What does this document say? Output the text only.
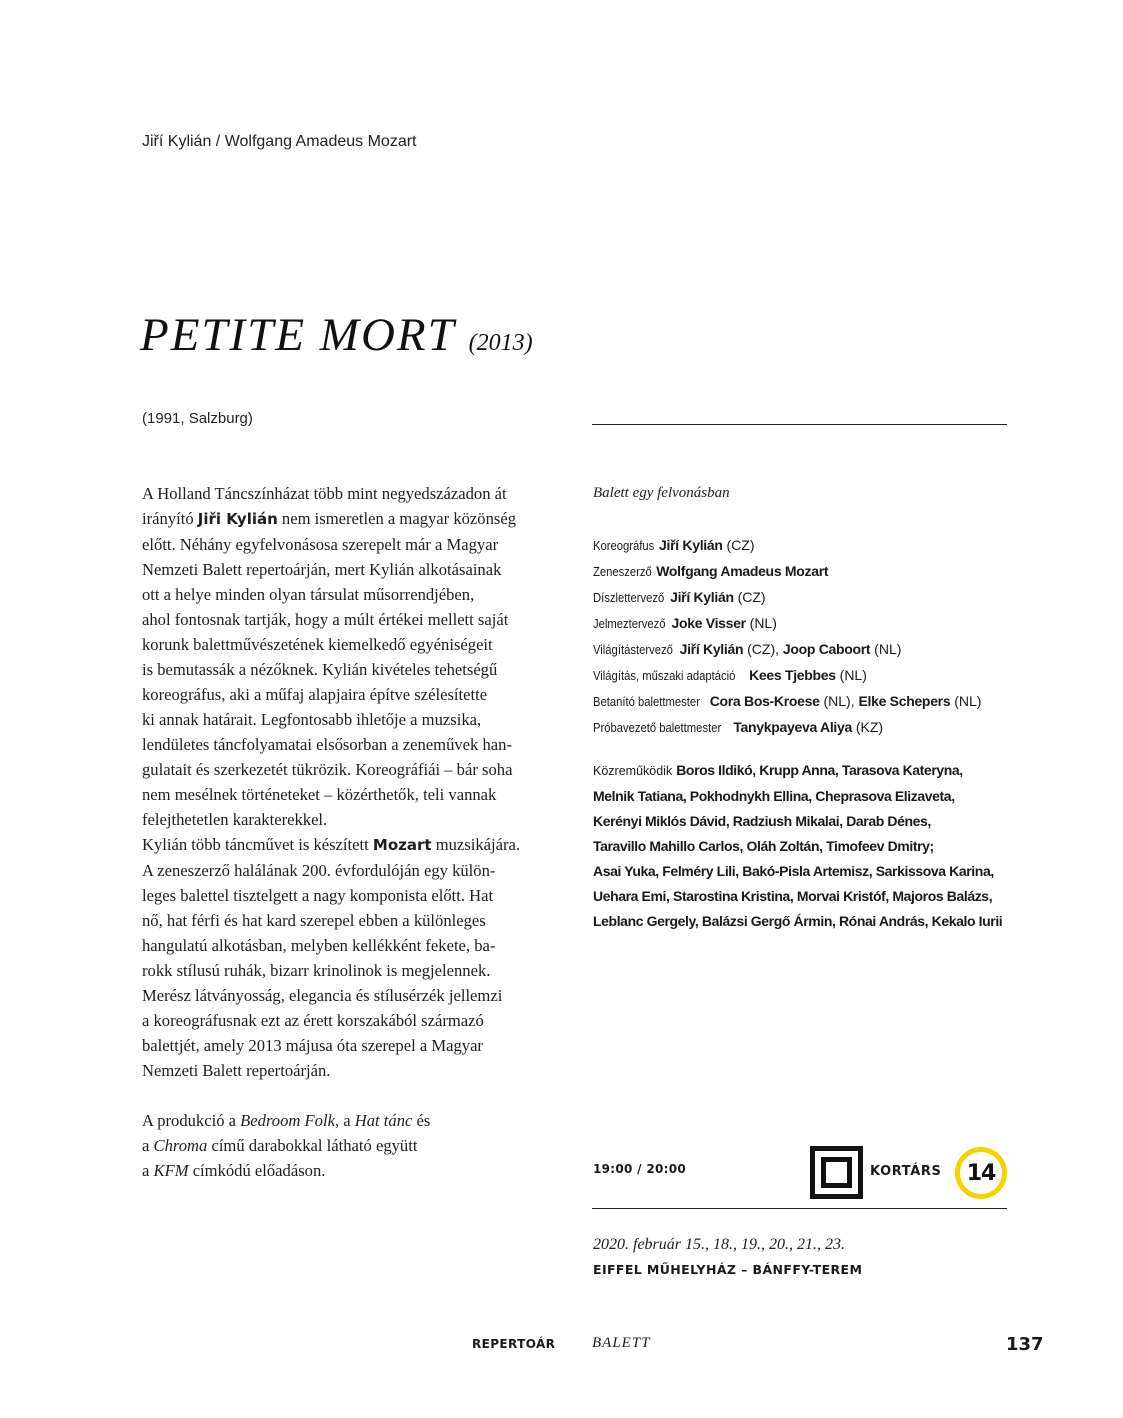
Jiří Kylián / Wolfgang Amadeus Mozart
PETITE MORT (2013)
(1991, Salzburg)
A Holland Táncszínházat több mint negyedszázadon át
irányító Jiři Kylián nem ismeretlen a magyar közönség
előtt. Néhány egyfelvonásosa szerepelt már a Magyar
Nemzeti Balett repertoárján, mert Kylián alkotásainak
ott a helye minden olyan társulat műsorrendjében,
ahol fontosnak tartják, hogy a múlt értékei mellett saját
korunk balettművészetének kiemelkedő egyéniségeit
is bemutassák a nézőknek. Kylián kivételes tehetségű
koreográfus, aki a műfaj alapjaira építve szélesítette
ki annak határait. Legfontosabb ihletője a muzsika,
lendületes táncfolyamatai elsősorban a zeneművek han-
gulatait és szerkezetét tükrözik. Koreográfiái – bár soha
nem mesélnek történeteket – közérthetők, teli vannak
felejthetetlen karakterekkel.
Kylián több táncművet is készített Mozart muzsikájára.
A zeneszerző halálának 200. évfordulóján egy külön-
leges balettel tisztelgett a nagy komponista előtt. Hat
nő, hat férfi és hat kard szerepel ebben a különleges
hangulatú alkotásban, melyben kellékként fekete, ba-
rokk stílusú ruhák, bizarr krinolinok is megjelennek.
Merész látványosság, elegancia és stílusérzék jellemzi
a koreográfusnak ezt az érett korszakából származó
balettjét, amely 2013 májusa óta szerepel a Magyar
Nemzeti Balett repertoárján.
A produkció a Bedroom Folk, a Hat tánc és
a Chroma című darabokkal látható együtt
a KFM címkódú előadáson.
Balett egy felvonásban
Koreográfus Jiří Kylián (CZ)
Zeneszerző Wolfgang Amadeus Mozart
Díszlettervező Jiří Kylián (CZ)
Jelmeztervező Joke Visser (NL)
Világítástervező Jiří Kylián (CZ), Joop Caboort (NL)
Világítás, műszaki adaptáció Kees Tjebbes (NL)
Betanító balettmester Cora Bos-Kroese (NL), Elke Schepers (NL)
Próbavezető balettmester Tanykpayeva Aliya (KZ)
Közreműködik Boros Ildikó, Krupp Anna, Tarasova Kateryna,
Melnik Tatiana, Pokhodnykh Ellina, Cheprasova Elizaveta,
Kerényi Miklós Dávid, Radziush Mikalai, Darab Dénes,
Taravillo Mahillo Carlos, Oláh Zoltán, Timofeev Dmitry;
Asai Yuka, Felméry Lili, Bakó-Pisla Artemisz, Sarkissova Karina,
Uehara Emi, Starostina Kristina, Morvai Kristóf, Majoros Balázs,
Leblanc Gergely, Balázsi Gergő Ármin, Rónai András, Kekalo Iurii
19:00 / 20:00	KORTÁRS	14
2020. február 15., 18., 19., 20., 21., 23.
EIFFEL MŰHELYHÁZ – BÁNFFY-TEREM
REPERTOÁR BALETT	137
